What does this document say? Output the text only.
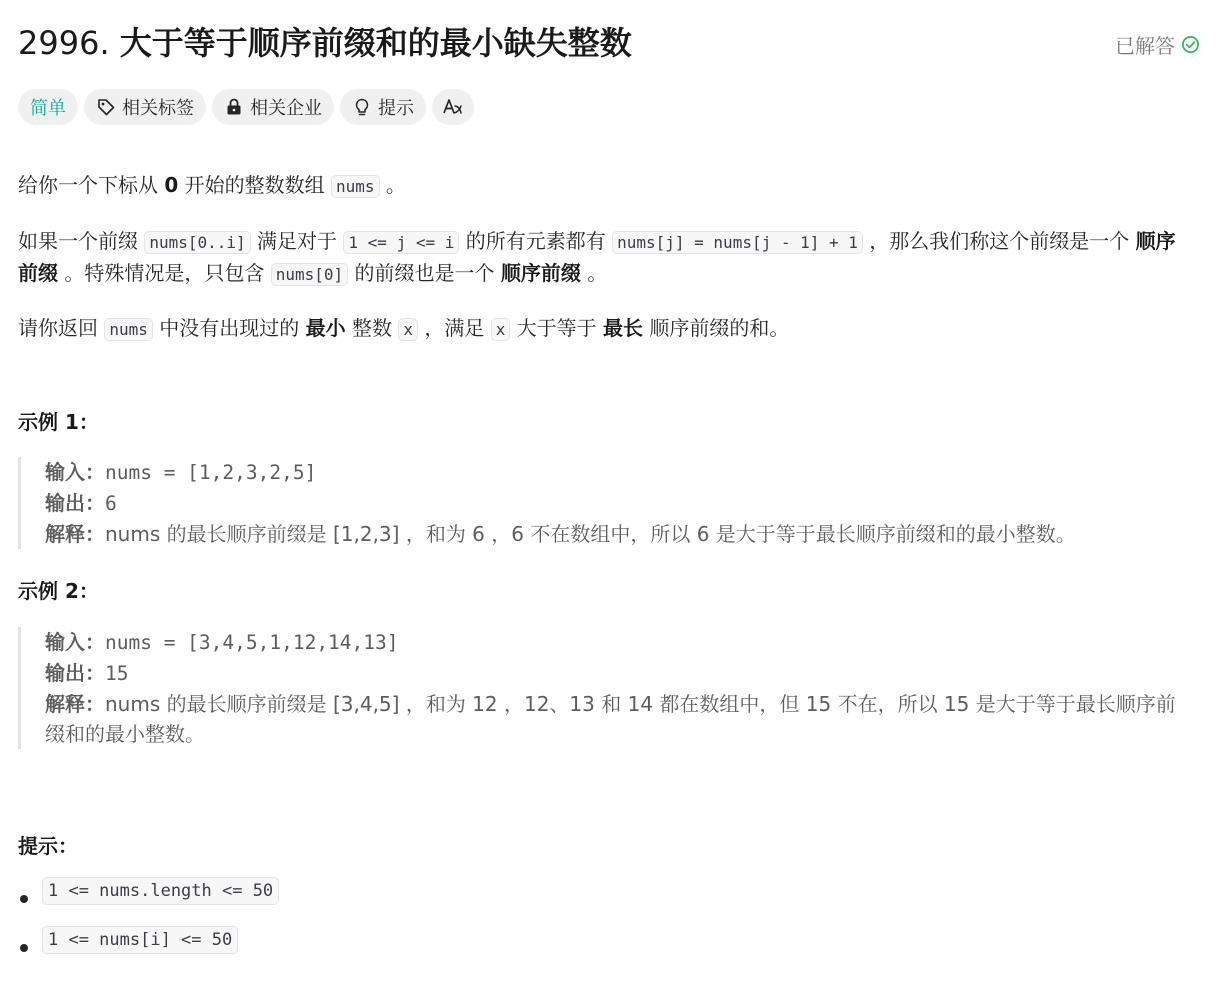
2996. 大于等于顺序前缀和的最小缺失整数	已解答
简单	相关标签	相关企业	提示

给你一个下标从 0 开始的整数数组 nums 。

如果一个前缀 nums[0..i] 满足对于 1 <= j <= i 的所有元素都有 nums[j] = nums[j - 1] + 1 ，那么我们称这个前缀是一个 顺序前缀 。特殊情况是，只包含 nums[0] 的前缀也是一个 顺序前缀 。

请你返回 nums 中没有出现过的 最小 整数 x ，满足 x 大于等于 最长 顺序前缀的和。

示例 1：
输入：nums = [1,2,3,2,5]
输出：6
解释：nums 的最长顺序前缀是 [1,2,3] ，和为 6 ，6 不在数组中，所以 6 是大于等于最长顺序前缀和的最小整数。
示例 2：
输入：nums = [3,4,5,1,12,14,13]
输出：15
解释：nums 的最长顺序前缀是 [3,4,5] ，和为 12 ，12、13 和 14 都在数组中，但 15 不在，所以 15 是大于等于最长顺序前缀和的最小整数。
提示：
1 <= nums.length <= 50
1 <= nums[i] <= 50
